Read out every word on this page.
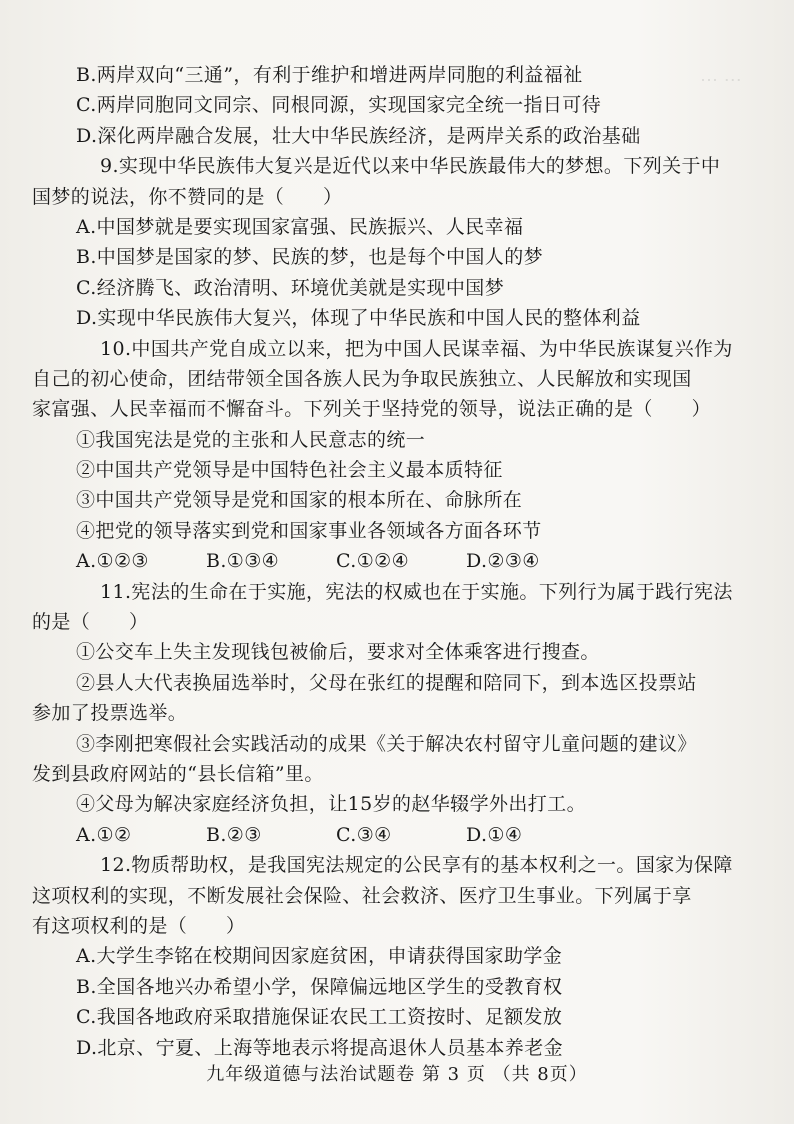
⋯ ⋯
B.两岸双向“三通”，有利于维护和增进两岸同胞的利益福祉
C.两岸同胞同文同宗、同根同源，实现国家完全统一指日可待
D.深化两岸融合发展，壮大中华民族经济，是两岸关系的政治基础
9.实现中华民族伟大复兴是近代以来中华民族最伟大的梦想。下列关于中
国梦的说法，你不赞同的是（　　）
A.中国梦就是要实现国家富强、民族振兴、人民幸福
B.中国梦是国家的梦、民族的梦，也是每个中国人的梦
C.经济腾飞、政治清明、环境优美就是实现中国梦
D.实现中华民族伟大复兴，体现了中华民族和中国人民的整体利益
10.中国共产党自成立以来，把为中国人民谋幸福、为中华民族谋复兴作为
自己的初心使命，团结带领全国各族人民为争取民族独立、人民解放和实现国
家富强、人民幸福而不懈奋斗。下列关于坚持党的领导，说法正确的是（　　）
①我国宪法是党的主张和人民意志的统一
②中国共产党领导是中国特色社会主义最本质特征
③中国共产党领导是党和国家的根本所在、命脉所在
④把党的领导落实到党和国家事业各领域各方面各环节
A.①②③	B.①③④	C.①②④	D.②③④
11.宪法的生命在于实施，宪法的权威也在于实施。下列行为属于践行宪法
的是（　　）
①公交车上失主发现钱包被偷后，要求对全体乘客进行搜查。
②县人大代表换届选举时，父母在张红的提醒和陪同下，到本选区投票站
参加了投票选举。
③李刚把寒假社会实践活动的成果《关于解决农村留守儿童问题的建议》
发到县政府网站的“县长信箱”里。
④父母为解决家庭经济负担，让15岁的赵华辍学外出打工。
A.①②	B.②③	C.③④	D.①④
12.物质帮助权，是我国宪法规定的公民享有的基本权利之一。国家为保障
这项权利的实现，不断发展社会保险、社会救济、医疗卫生事业。下列属于享
有这项权利的是（　　）
A.大学生李铭在校期间因家庭贫困，申请获得国家助学金
B.全国各地兴办希望小学，保障偏远地区学生的受教育权
C.我国各地政府采取措施保证农民工工资按时、足额发放
D.北京、宁夏、上海等地表示将提高退休人员基本养老金
九年级道德与法治试题卷 第 3 页 （共 8页）
